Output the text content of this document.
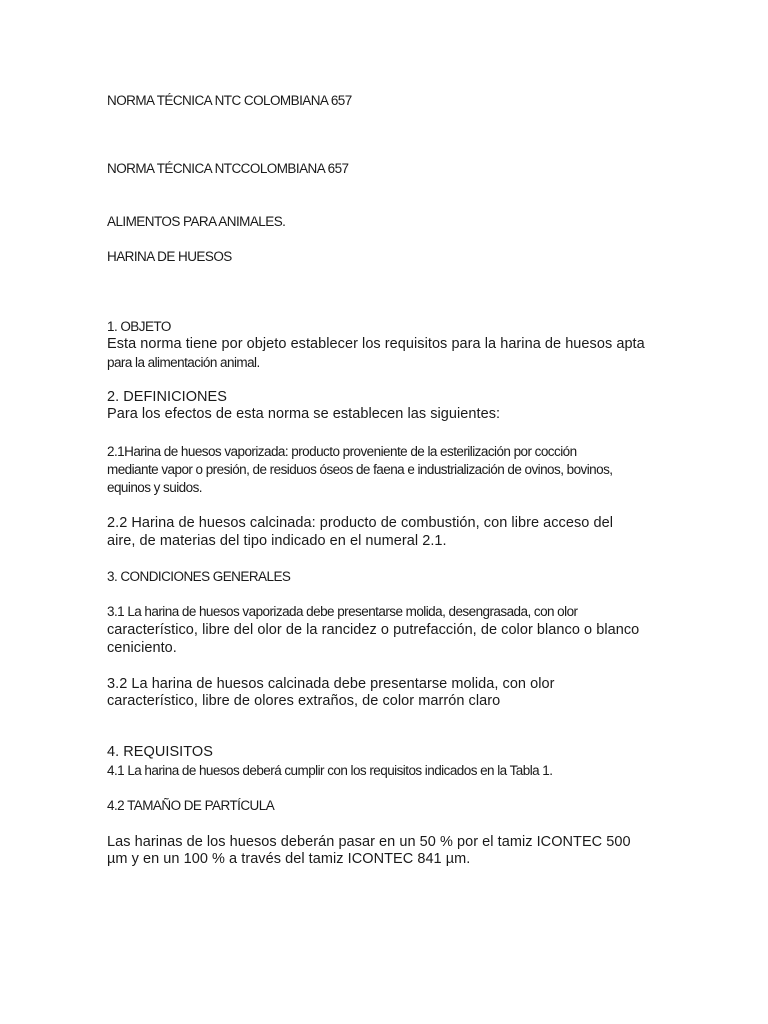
NORMA TÉCNICA NTC COLOMBIANA 657

NORMA TÉCNICA NTCCOLOMBIANA 657

ALIMENTOS PARA ANIMALES.

HARINA DE HUESOS

1. OBJETO

Esta norma tiene por objeto establecer los requisitos para la harina de huesos apta

para la alimentación animal.

2. DEFINICIONES

Para los efectos de esta norma se establecen las siguientes:

2.1Harina de huesos vaporizada: producto proveniente de la esterilización por cocción

mediante vapor o presión, de residuos óseos de faena e industrialización de ovinos, bovinos,

equinos y suidos.

2.2 Harina de huesos calcinada: producto de combustión, con libre acceso del

aire, de materias del tipo indicado en el numeral 2.1.

3. CONDICIONES GENERALES

3.1 La harina de huesos vaporizada debe presentarse molida, desengrasada, con olor

característico, libre del olor de la rancidez o putrefacción, de color blanco o blanco

ceniciento.

3.2 La harina de huesos calcinada debe presentarse molida, con olor

característico, libre de olores extraños, de color marrón claro

4. REQUISITOS

4.1 La harina de huesos deberá cumplir con los requisitos indicados en la Tabla 1.

4.2 TAMAÑO DE PARTÍCULA

Las harinas de los huesos deberán pasar en un 50 % por el tamiz ICONTEC 500

µm y en un 100 % a través del tamiz ICONTEC 841 µm.
